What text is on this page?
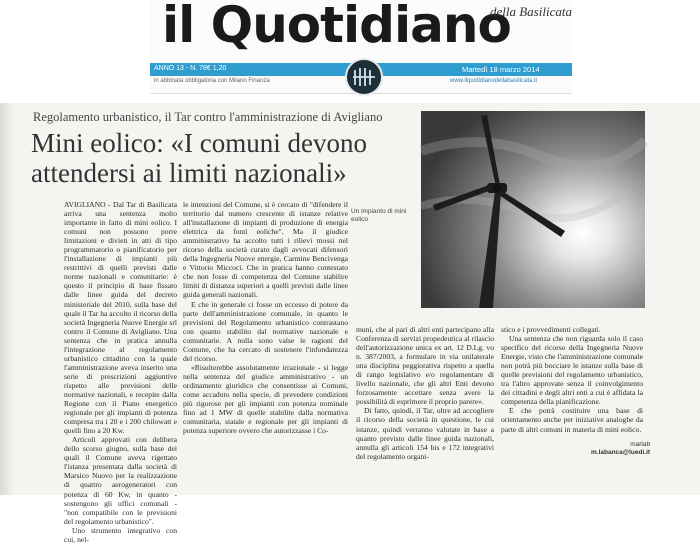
il Quotidiano
della Basilicata
ANNO 13 - N. 78€ 1,20	Martedì 18 marzo 2014
in abbinata obbligatoria con Milano Finanza	www.ilquotidianodellabasilicata.it
Regolamento urbanistico, il Tar contro l'amministrazione di Avigliano
Mini eolico: «I comuni devono attendersi ai limiti nazionali»
Un impianto di mini eolico

AVIGLIANO - Dal Tar di Basilicata arriva una sentenza molto importante in fatto di mini eolico. I comuni non possono porre limitazioni e divieti in atti di tipo programmatorio o pianificatorio per l'installazione di impianti più restrittivi di quelli previsti dalle norme nazionali e comunitarie: è questo il principio di base fissato dalle linee guida del decreto ministeriale del 2010, sulla base del quale il Tar ha accolto il ricorso della società Ingegneria Nuove Energie srl contro il Comune di Avigliano. Una sentenza che in pratica annulla l'integrazione al regolamento urbanistico cittadino con la quale l'amministrazione aveva inserito una serie di prescrizioni aggiuntive rispetto alle previsioni delle normative nazionali, e recepite dalla Regione con il Piano energetico regionale per gli impianti di potenza compresa tra i 20 e i 200 chilowatt e quelli fino a 20 Kw.

Articoli approvati con delibera dello scorso giugno, sulla base dei quali il Comune aveva rigettato l'istanza presentata dalla società di Marsico Nuovo per la realizzazione di quattro aerogeneratori con potenza di 60 Kw, in quanto - sostengono gli uffici comunali - "non compatibile con le previsioni del regolamento urbanistico".

Uno strumento integrativo con cui, nel-

le intenzioni del Comune, si è cercato di "difendere il territorio dal numero crescente di istanze relative all'installazione di impianti di produzione di energia elettrica da fonti eoliche". Ma il giudice amministrativo ha accolto tutti i rilievi mossi nel ricorso della società curato dagli avvocati difensori della Ingegneria Nuove energie, Carmine Bencivenga e Vittorio Miccoci. Che in pratica hanno contestato che non fosse di competenza del Comune stabilire limiti di distanza superiori a quelli previsti dalle linee guida generali nazionali.

E che in generale ci fosse un eccesso di potere da parte dell'amministrazione comunale, in quanto le previsioni del Regolamento urbanistico contrastano con quanto stabilito dal normative nazionale e comunitarie. A nulla sono valse le ragioni del Comune, che ha cercato di sostenere l'infondatezza del ricorso.

«Risulterebbe assolutamente irrazionale - si legge nella sentenza del giudice amministrativo - un ordinamento giuridico che consentisse ai Comuni, come accaduto nella specie, di prevedere condizioni più rigorose per gli impianti con potenza nominale fino ad 1 MW di quelle stabilite dalla normativa comunitaria, statale e regionale per gli impianti di potenza superiore ovvero che autorizzasse i Co-

muni, che al pari di altri enti partecipano alla Conferenza di servizi propedeutica al rilascio dell'autorizzazione unica ex art. 12 D.Lg. vo n. 387/2003, a formulare in via unilaterale una disciplina peggiorativa rispetto a quella di rango legislativo e/o regolamentare di livello nazionale, che gli altri Enti devono forzosamente accettare senza avere la possibilità di esprimere il proprio parere».

Di fatto, quindi, il Tar, oltre ad accogliere il ricorso della società in questione, le cui istanze, quindi verranno valutate in base a quanto previsto dalle linee guida nazionali, annulla gli articoli 154 bis e 172 integrativi del regolamento organi-

stico e i provvedimenti collegati.

Una sentenza che non riguarda solo il caso specifico del ricorso della Ingegneria Nuove Energie, visto che l'amministrazione comunale non potrà più bocciare le istanze sulla base di quelle previsioni del regolamento urbanistico, tra l'altro approvate senza il coinvolgimento dei cittadini e degli altri enti a cui è affidata la competenza della pianificazione.

E che potrà costituire una base di orientamento anche per iniziative analoghe da parte di altri comuni in materia di mini eolico.

marlab
m.labanca@luedi.it
